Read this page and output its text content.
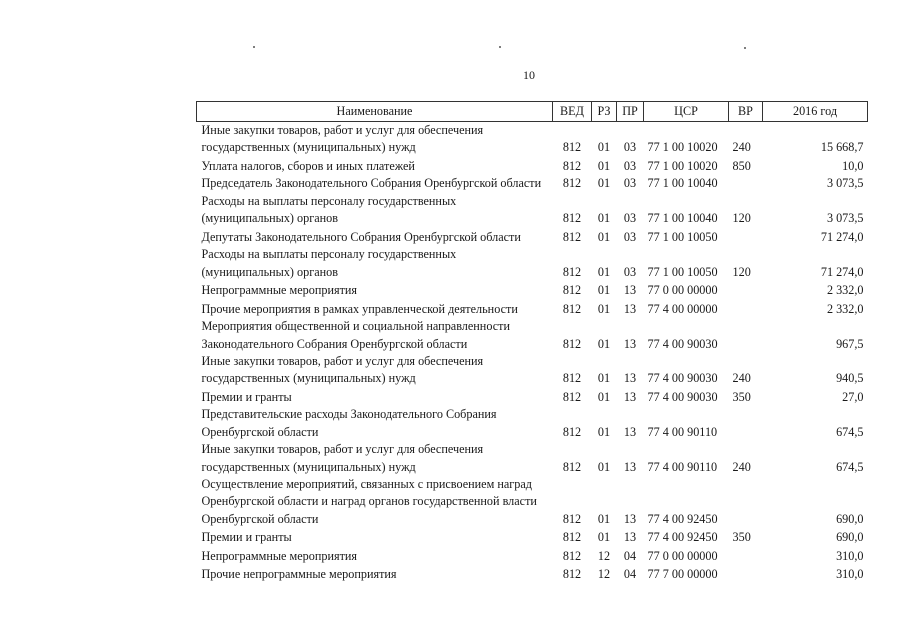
10
Наименование	ВЕД	РЗ	ПР	ЦСР	ВР	2016 год
Иные закупки товаров, работ и услуг для обеспечения государственных (муниципальных) нужд	812	01	03	77 1 00 10020	240	15 668,7
Уплата налогов, сборов и иных платежей	812	01	03	77 1 00 10020	850	10,0
Председатель Законодательного Собрания Оренбургской области	812	01	03	77 1 00 10040		3 073,5
Расходы на выплаты персоналу государственных (муниципальных) органов	812	01	03	77 1 00 10040	120	3 073,5
Депутаты Законодательного Собрания Оренбургской области	812	01	03	77 1 00 10050		71 274,0
Расходы на выплаты персоналу государственных (муниципальных) органов	812	01	03	77 1 00 10050	120	71 274,0
Непрограммные мероприятия	812	01	13	77 0 00 00000		2 332,0
Прочие мероприятия в рамках управленческой деятельности	812	01	13	77 4 00 00000		2 332,0
Мероприятия общественной и социальной направленности Законодательного Собрания Оренбургской области	812	01	13	77 4 00 90030		967,5
Иные закупки товаров, работ и услуг для обеспечения государственных (муниципальных) нужд	812	01	13	77 4 00 90030	240	940,5
Премии и гранты	812	01	13	77 4 00 90030	350	27,0
Представительские расходы Законодательного Собрания Оренбургской области	812	01	13	77 4 00 90110		674,5
Иные закупки товаров, работ и услуг для обеспечения государственных (муниципальных) нужд	812	01	13	77 4 00 90110	240	674,5
Осуществление мероприятий, связанных с присвоением наград Оренбургской области и наград органов государственной власти Оренбургской области	812	01	13	77 4 00 92450		690,0
Премии и гранты	812	01	13	77 4 00 92450	350	690,0
Непрограммные мероприятия	812	12	04	77 0 00 00000		310,0
Прочие непрограммные мероприятия	812	12	04	77 7 00 00000		310,0
